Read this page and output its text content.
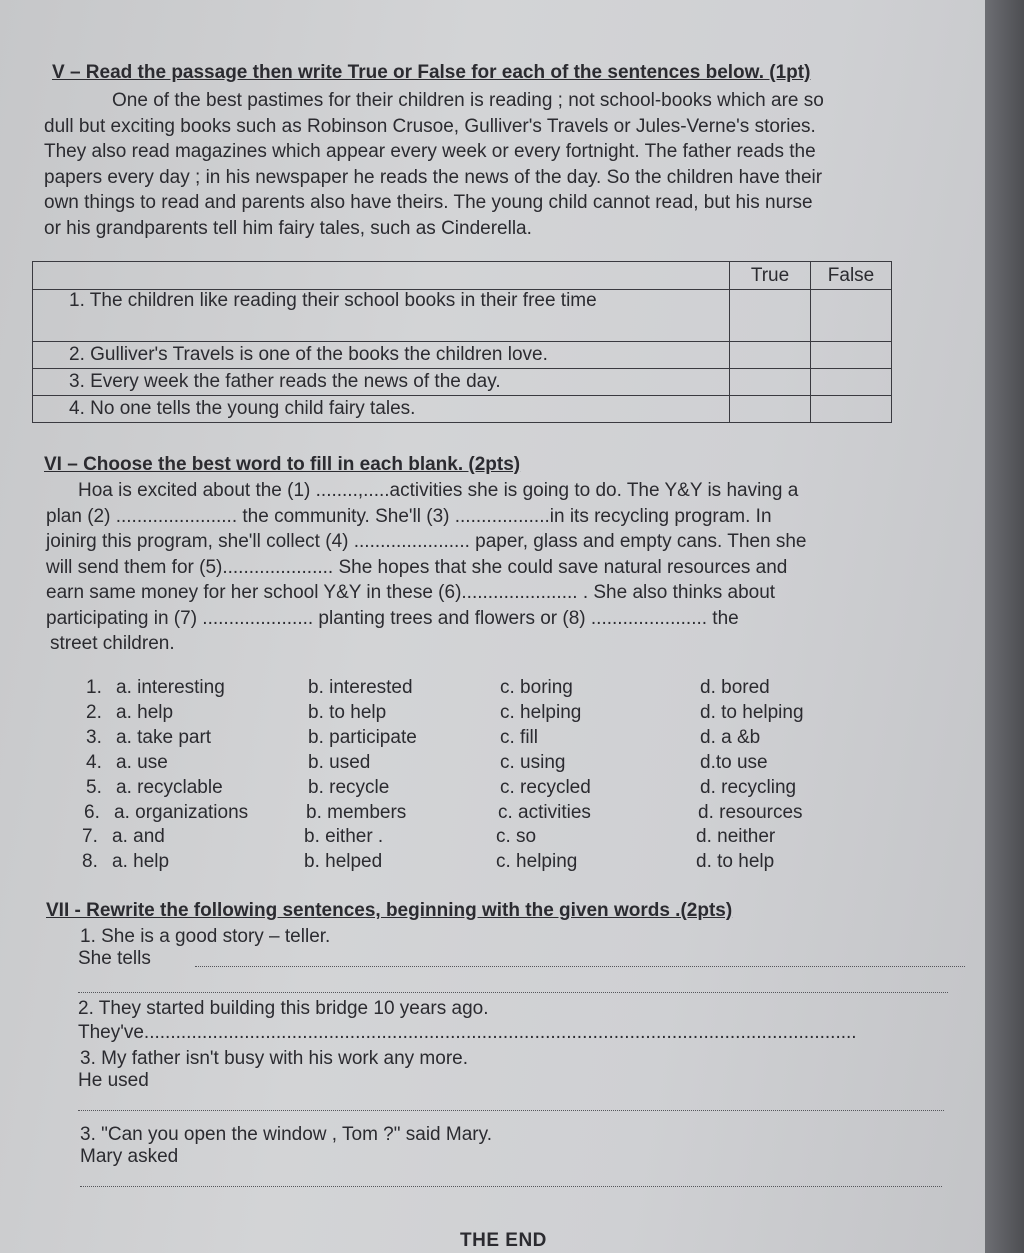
V – Read the passage then write True or False for each of the sentences below. (1pt)
One of the best pastimes for their children is reading ; not school-books which are so
dull but exciting books such as Robinson Crusoe, Gulliver's Travels or Jules-Verne's stories.
They also read magazines which appear every week or every fortnight. The father reads the
papers every day ; in his newspaper he reads the news of the day. So the children have their
own things to read and parents also have theirs. The young child cannot read, but his nurse
or his grandparents tell him fairy tales, such as Cinderella.
	True	False
1. The children like reading their school books in their free time		
2. Gulliver's Travels is one of the books the children love.		
3. Every week the father reads the news of the day.		
4. No one tells the young child fairy tales.		
VI – Choose the best word to fill in each blank. (2pts)
Hoa is excited about the (1) ........,.....activities she is going to do. The Y&Y is having a
plan (2) ....................... the community. She'll (3) ..................in its recycling program. In
joinirg this program, she'll collect (4) ...................... paper, glass and empty cans. Then she
will send them for (5)..................... She hopes that she could save natural resources and
earn same money for her school Y&Y in these (6)...................... . She also thinks about
participating in (7) ..................... planting trees and flowers or (8) ...................... the
street children.
1. a. interesting	b. interested	c. boring	d. bored
2. a. help	b. to help	c. helping	d. to helping
3. a. take part	b. participate	c. fill	d. a &b
4. a. use	b. used	c. using	d.to use
5. a. recyclable	b. recycle	c. recycled	d. recycling
6. a. organizations	b. members	c. activities	d. resources
7. a. and	b. either .	c. so	d. neither
8. a. help	b. helped	c. helping	d. to help
VII - Rewrite the following sentences, beginning with the given words .(2pts)
1. She is a good story – teller.
She tells
2. They started building this bridge 10 years ago.
They've.......................................................................................................................................
3. My father isn't busy with his work any more.
He used
3. "Can you open the window , Tom ?" said Mary.
Mary asked
THE END
